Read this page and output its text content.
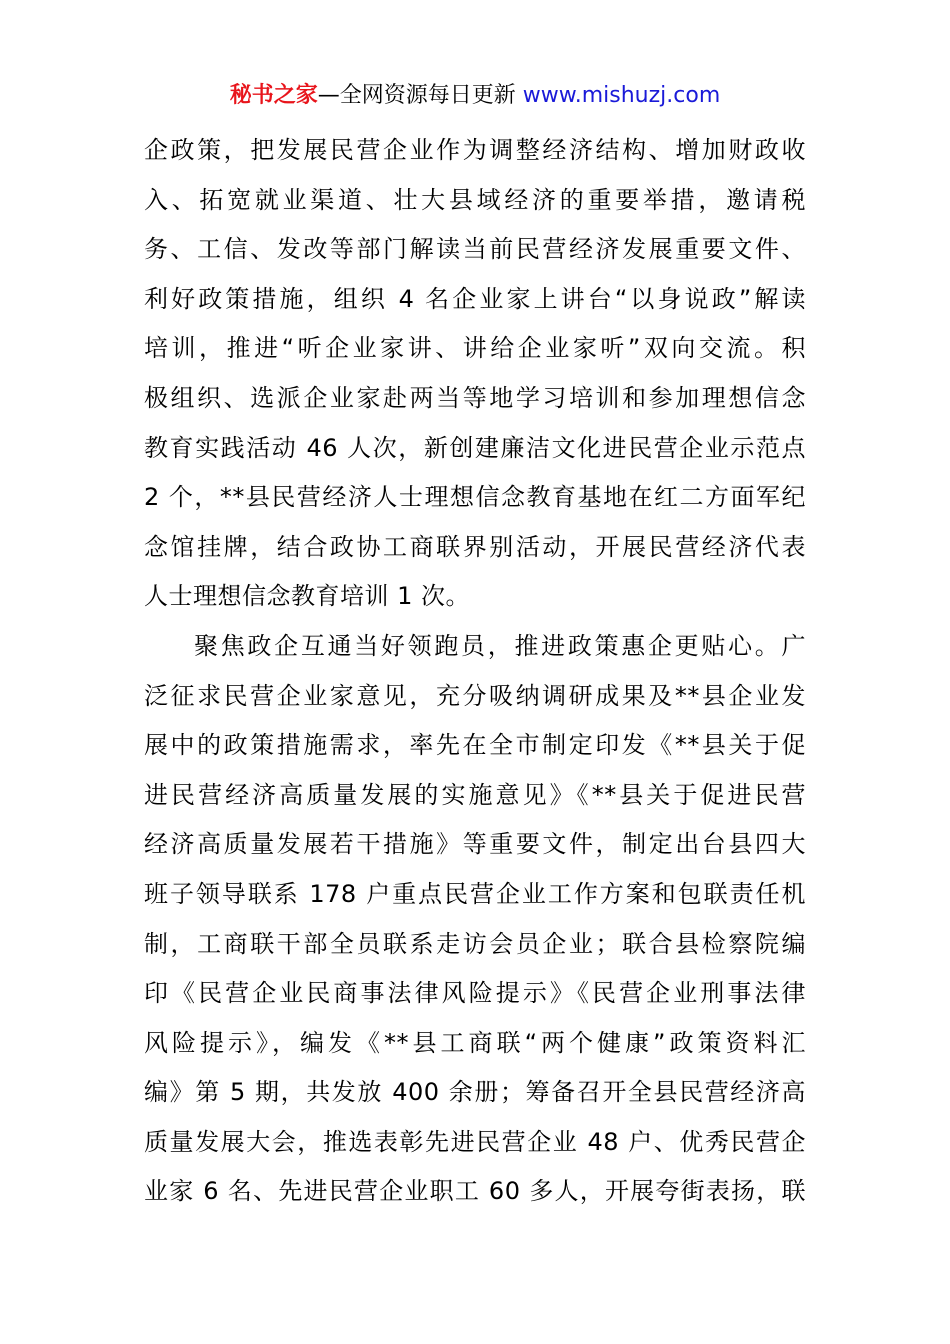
秘书之家—全网资源每日更新 www.mishuzj.com
企政策，把发展民营企业作为调整经济结构、增加财政收
入、拓宽就业渠道、壮大县域经济的重要举措，邀请税
务、工信、发改等部门解读当前民营经济发展重要文件、
利好政策措施，组织 4 名企业家上讲台“以身说政”解读
培训，推进“听企业家讲、讲给企业家听”双向交流。积
极组织、选派企业家赴两当等地学习培训和参加理想信念
教育实践活动 46 人次，新创建廉洁文化进民营企业示范点
2 个，**县民营经济人士理想信念教育基地在红二方面军纪
念馆挂牌，结合政协工商联界别活动，开展民营经济代表
人士理想信念教育培训 1 次。
聚焦政企互通当好领跑员，推进政策惠企更贴心。广
泛征求民营企业家意见，充分吸纳调研成果及**县企业发
展中的政策措施需求，率先在全市制定印发《**县关于促
进民营经济高质量发展的实施意见》《**县关于促进民营
经济高质量发展若干措施》等重要文件，制定出台县四大
班子领导联系 178 户重点民营企业工作方案和包联责任机
制，工商联干部全员联系走访会员企业；联合县检察院编
印《民营企业民商事法律风险提示》《民营企业刑事法律
风险提示》，编发《**县工商联“两个健康”政策资料汇
编》第 5 期，共发放 400 余册；筹备召开全县民营经济高
质量发展大会，推选表彰先进民营企业 48 户、优秀民营企
业家 6 名、先进民营企业职工 60 多人，开展夸街表扬，联
